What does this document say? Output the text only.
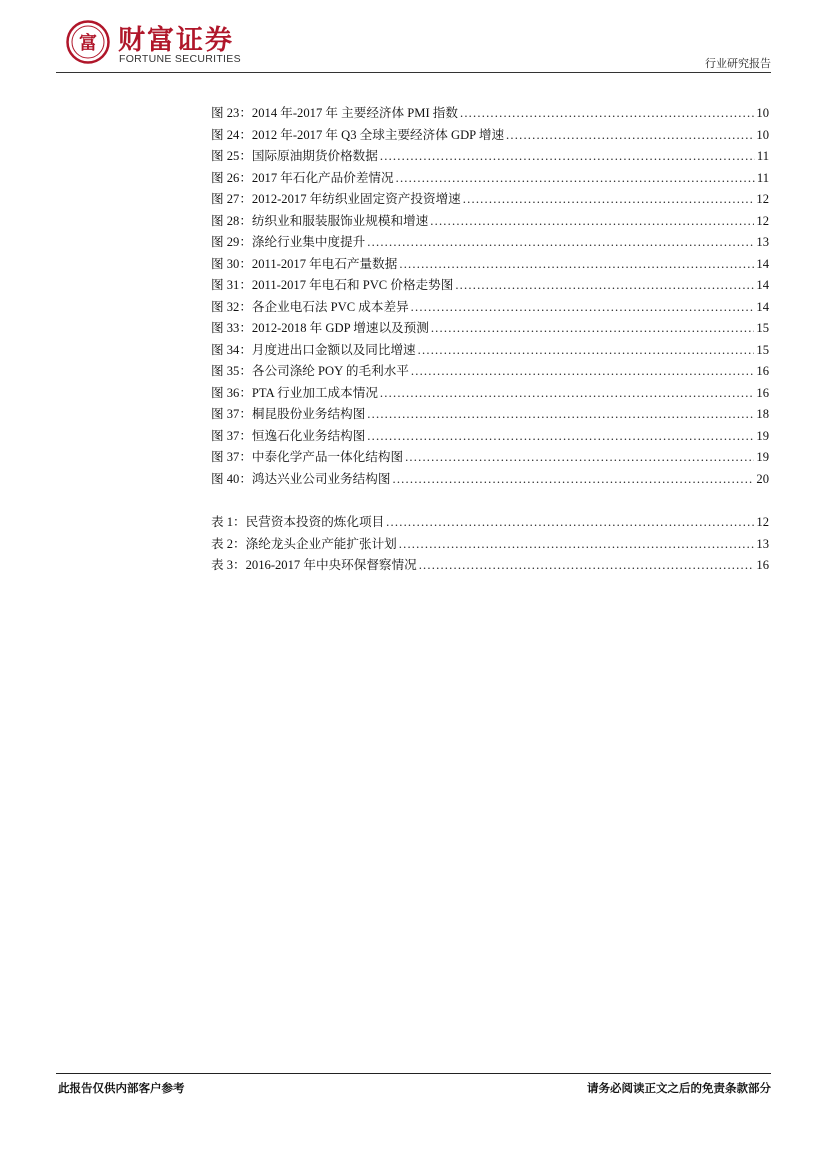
富 财富证券
FORTUNE SECURITIES	行业研究报告
图 23：2014 年-2017 年 主要经济体 PMI 指数 .....	10
图 24：2012 年-2017 年 Q3 全球主要经济体 GDP 增速 .....	10
图 25：国际原油期货价格数据 .....	11
图 26：2017 年石化产品价差情况 .....	11
图 27：2012-2017 年纺织业固定资产投资增速 .....	12
图 28：纺织业和服装服饰业规模和增速 .....	12
图 29：涤纶行业集中度提升 .....	13
图 30：2011-2017 年电石产量数据 .....	14
图 31：2011-2017 年电石和 PVC 价格走势图 .....	14
图 32：各企业电石法 PVC 成本差异 .....	14
图 33：2012-2018 年 GDP 增速以及预测 .....	15
图 34：月度进出口金额以及同比增速 .....	15
图 35：各公司涤纶 POY 的毛利水平 .....	16
图 36：PTA 行业加工成本情况 .....	16
图 37：桐昆股份业务结构图 .....	18
图 37：恒逸石化业务结构图 .....	19
图 37：中泰化学产品一体化结构图 .....	19
图 40：鸿达兴业公司业务结构图 .....	20
表 1：民营资本投资的炼化项目 .....	12
表 2：涤纶龙头企业产能扩张计划 .....	13
表 3：2016-2017 年中央环保督察情况 .....	16
此报告仅供内部客户参考	请务必阅读正文之后的免责条款部分
